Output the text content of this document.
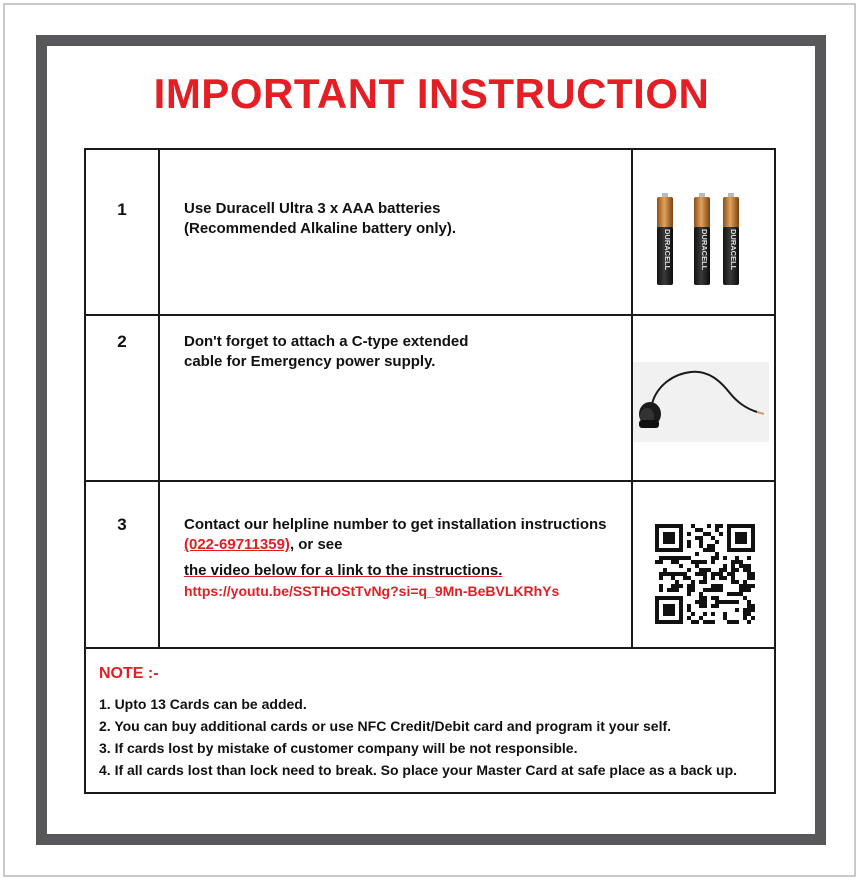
IMPORTANT INSTRUCTION
1	Use Duracell Ultra 3 x AAA batteries

(Recommended Alkaline battery only).

DURACELL	DURACELL	DURACELL
2	Don't forget to attach a C-type extended

cable for Emergency power supply.

3	Contact our helpline number to get installation instructions

(022-69711359), or see

the video below for a link to the instructions.

https://youtu.be/SSTHOStTvNg?si=q_9Mn-BeBVLKRhYs

NOTE :-
1. Upto 13 Cards can be added.
2. You can buy additional cards or use NFC Credit/Debit card and program it your self.
3. If cards lost by mistake of customer company will be not responsible.
4. If all cards lost than lock need to break. So place your Master Card at safe place as a back up.
